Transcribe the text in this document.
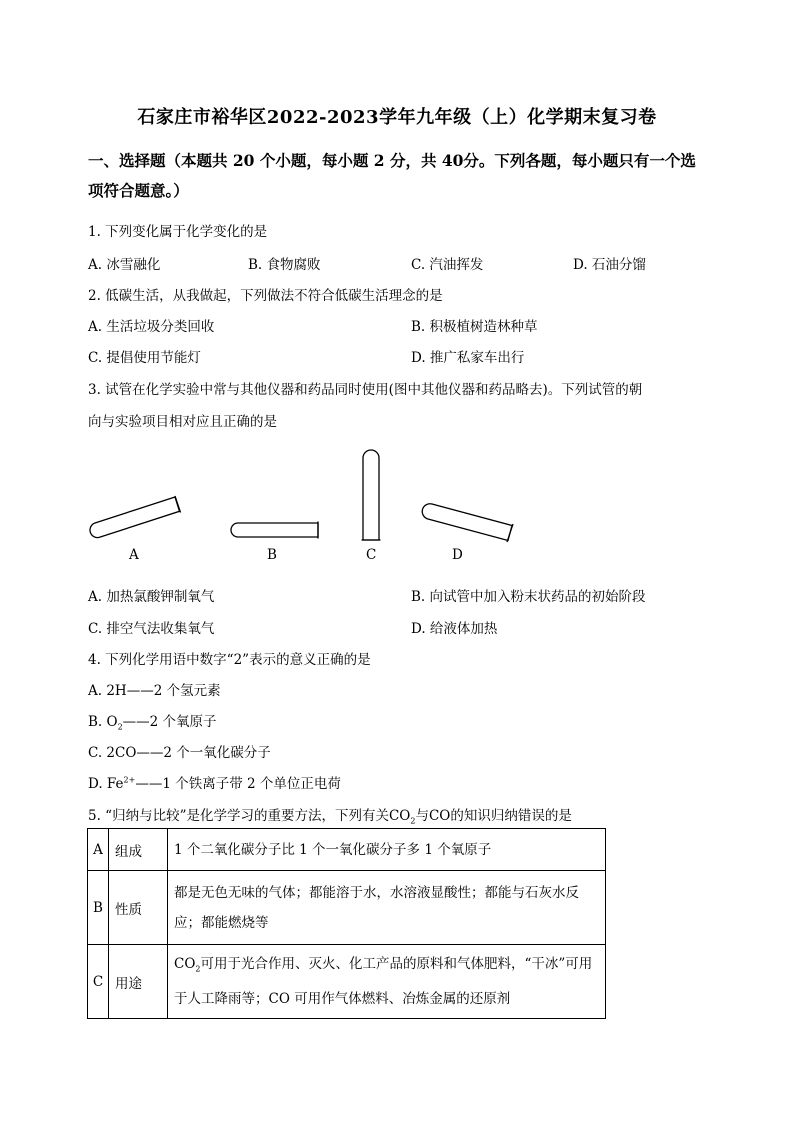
石家庄市裕华区2022-2023学年九年级（上）化学期末复习卷
一、选择题（本题共 20 个小题，每小题 2 分，共 40分。下列各题，每小题只有一个选
项符合题意。）
1. 下列变化属于化学变化的是
A. 冰雪融化	B. 食物腐败	C. 汽油挥发	D. 石油分馏
2. 低碳生活，从我做起，下列做法不符合低碳生活理念的是
A. 生活垃圾分类回收	B. 积极植树造林种草
C. 提倡使用节能灯	D. 推广私家车出行
3. 试管在化学实验中常与其他仪器和药品同时使用(图中其他仪器和药品略去)。下列试管的朝
向与实验项目相对应且正确的是
A	B	C	D
A. 加热氯酸钾制氧气	B. 向试管中加入粉末状药品的初始阶段
C. 排空气法收集氧气	D. 给液体加热
4. 下列化学用语中数字“2”表示的意义正确的是
A. 2H——2 个氢元素
B. $O_2——2$ 个氧原子
C. 2CO——2 个一氧化碳分子
D. $Fe^{2+}——1$ 个铁离子带 2 个单位正电荷
5. “归纳与比较”是化学学习的重要方法，下列有关$CO_2$与CO的知识归纳错误的是
A	组成	1 个二氧化碳分子比 1 个一氧化碳分子多 1 个氧原子
B	性质	都是无色无味的气体；都能溶于水，水溶液显酸性；都能与石灰水反应；都能燃烧等
C	用途	$CO_2$可用于光合作用、灭火、化工产品的原料和气体肥料，“干冰”可用于人工降雨等；CO 可用作气体燃料、冶炼金属的还原剂
